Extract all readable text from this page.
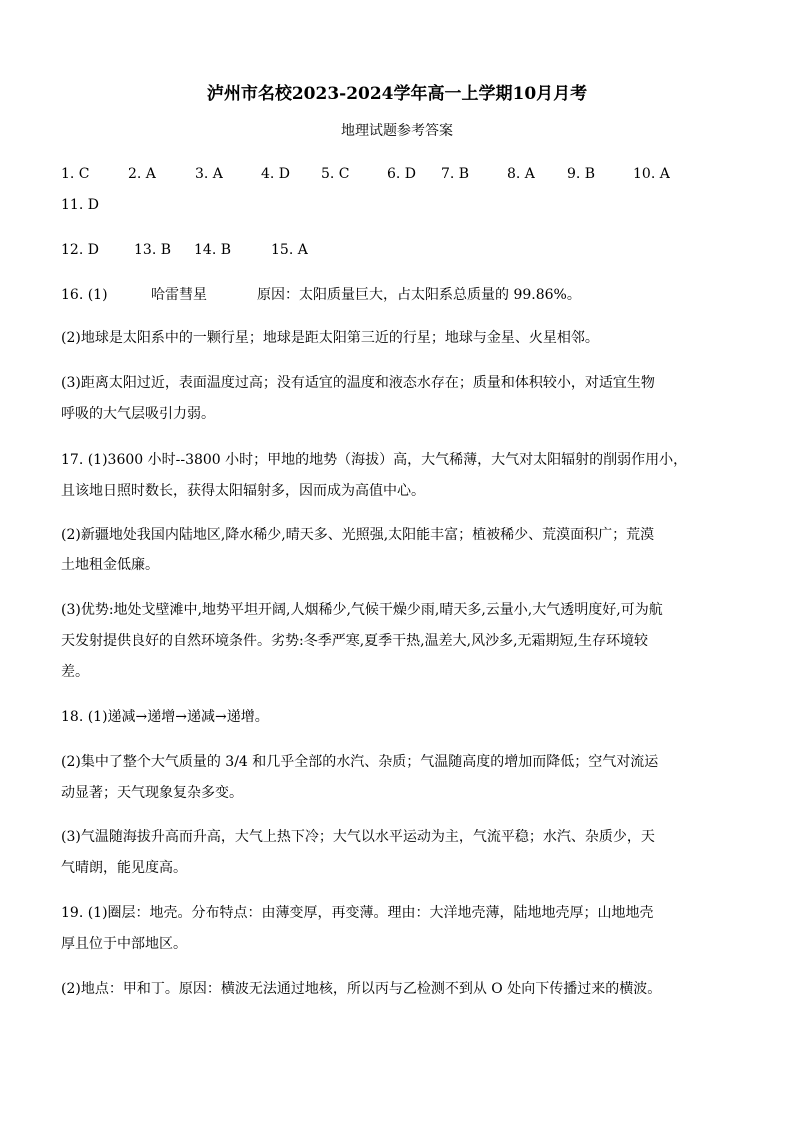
泸州市名校2023-2024学年高一上学期10月月考
地理试题参考答案
1. C	2. A	3. A	4. D 5. C	6. D 7. B	8. A 9. B	10. A
11. D
12. D	13. B 14. B	15. A
16. (1)	哈雷彗星	原因：太阳质量巨大，占太阳系总质量的 99.86%。
(2)地球是太阳系中的一颗行星；地球是距太阳第三近的行星；地球与金星、火星相邻。
(3)距离太阳过近，表面温度过高；没有适宜的温度和液态水存在；质量和体积较小，对适宜生物
呼吸的大气层吸引力弱。
17. (1)3600 小时--3800 小时；甲地的地势（海拔）高，大气稀薄，大气对太阳辐射的削弱作用小，
且该地日照时数长，获得太阳辐射多，因而成为高值中心。
(2)新疆地处我国内陆地区,降水稀少,晴天多、光照强,太阳能丰富；植被稀少、荒漠面积广；荒漠
土地租金低廉。
(3)优势:地处戈壁滩中,地势平坦开阔,人烟稀少,气候干燥少雨,晴天多,云量小,大气透明度好,可为航
天发射提供良好的自然环境条件。劣势:冬季严寒,夏季干热,温差大,风沙多,无霜期短,生存环境较
差。
18. (1)递减→递增→递减→递增。
(2)集中了整个大气质量的 3/4 和几乎全部的水汽、杂质；气温随高度的增加而降低；空气对流运
动显著；天气现象复杂多变。
(3)气温随海拔升高而升高，大气上热下冷；大气以水平运动为主，气流平稳；水汽、杂质少，天
气晴朗，能见度高。
19. (1)圈层：地壳。分布特点：由薄变厚，再变薄。理由：大洋地壳薄，陆地地壳厚；山地地壳
厚且位于中部地区。
(2)地点：甲和丁。原因：横波无法通过地核，所以丙与乙检测不到从 O 处向下传播过来的横波。
